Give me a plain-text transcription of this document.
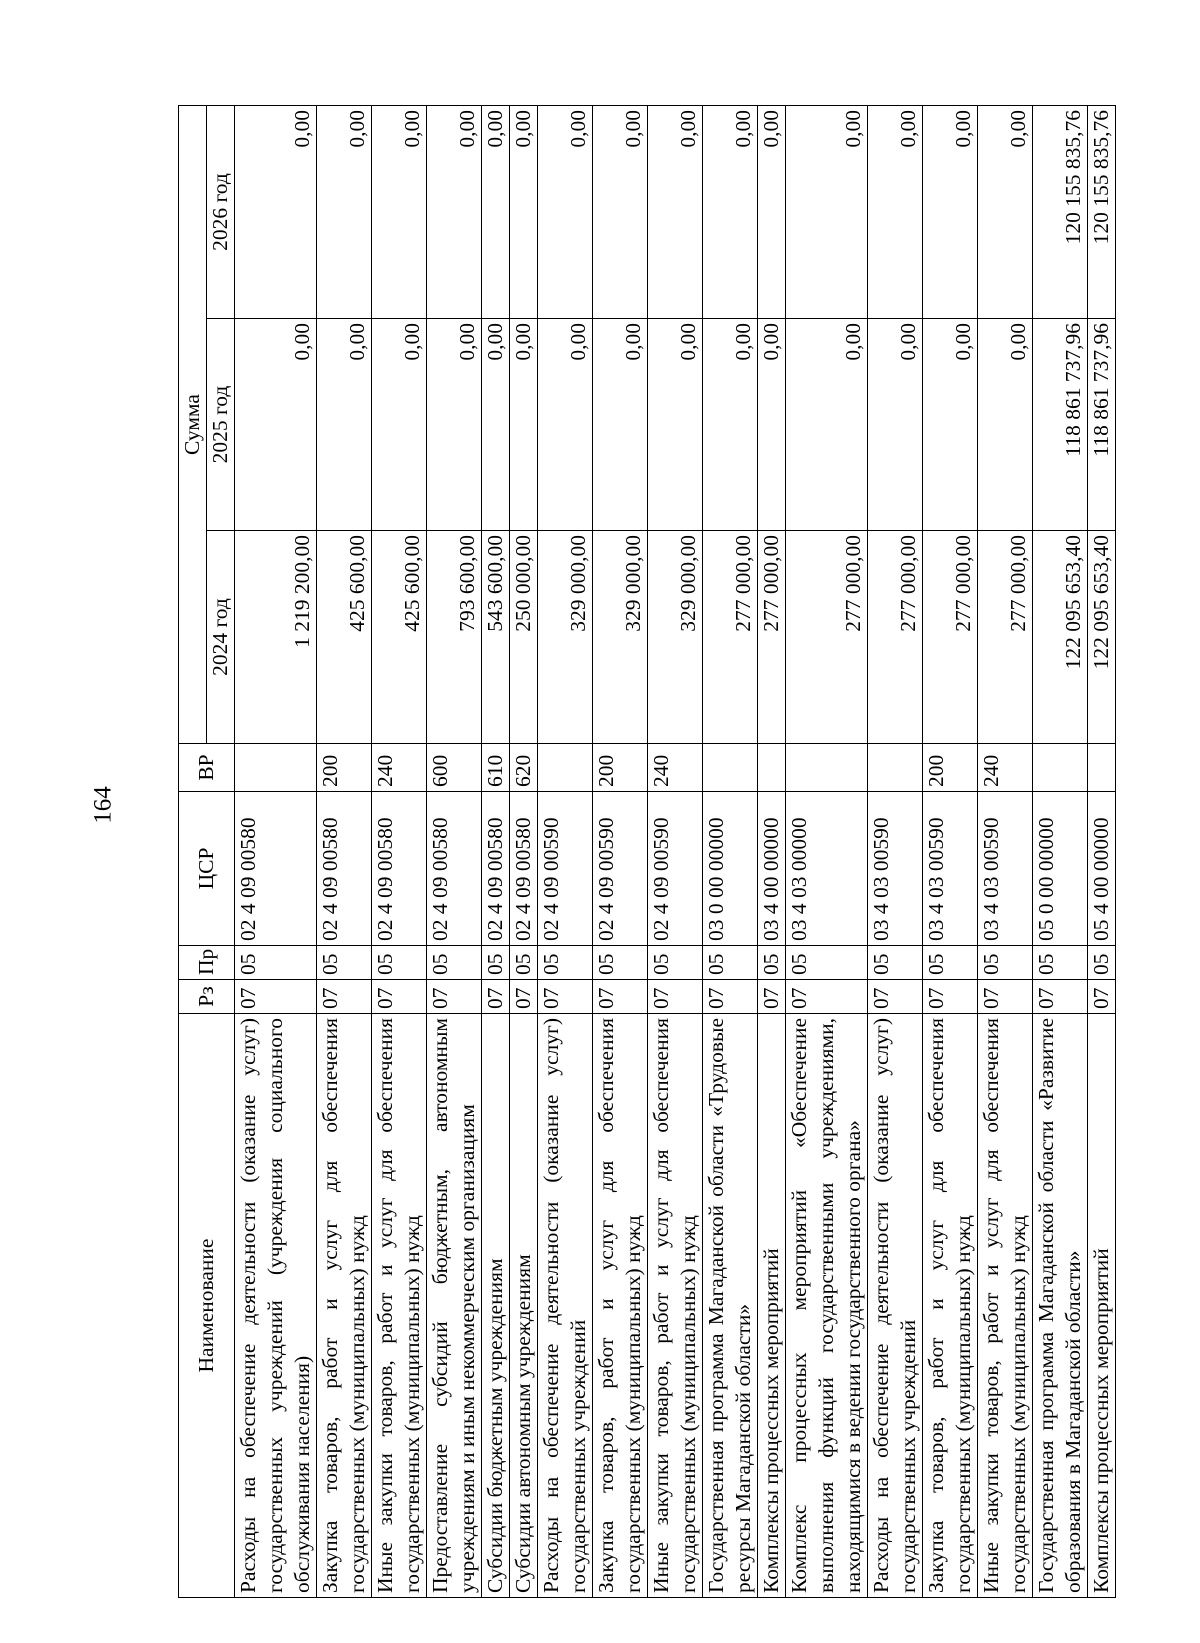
164
Наименование	Рз	Пр	ЦСР	ВР	Сумма		
					2024 год	2025 год	2026 год
Расходы на обеспечение деятельности (оказание услуг) государственных учреждений (учреждения социального обслуживания населения)	07	05	02 4 09 00580		1 219 200,00	0,00	0,00
Закупка товаров, работ и услуг для обеспечения государственных (муниципальных) нужд	07	05	02 4 09 00580	200	425 600,00	0,00	0,00
Иные закупки товаров, работ и услуг для обеспечения государственных (муниципальных) нужд	07	05	02 4 09 00580	240	425 600,00	0,00	0,00
Предоставление субсидий бюджетным, автономным учреждениям и иным некоммерческим организациям	07	05	02 4 09 00580	600	793 600,00	0,00	0,00
Субсидии бюджетным учреждениям	07	05	02 4 09 00580	610	543 600,00	0,00	0,00
Субсидии автономным учреждениям	07	05	02 4 09 00580	620	250 000,00	0,00	0,00
Расходы на обеспечение деятельности (оказание услуг) государственных учреждений	07	05	02 4 09 00590		329 000,00	0,00	0,00
Закупка товаров, работ и услуг для обеспечения государственных (муниципальных) нужд	07	05	02 4 09 00590	200	329 000,00	0,00	0,00
Иные закупки товаров, работ и услуг для обеспечения государственных (муниципальных) нужд	07	05	02 4 09 00590	240	329 000,00	0,00	0,00
Государственная программа Магаданской области «Трудовые ресурсы Магаданской области»	07	05	03 0 00 00000		277 000,00	0,00	0,00
Комплексы процессных мероприятий	07	05	03 4 00 00000		277 000,00	0,00	0,00
Комплекс процессных мероприятий «Обеспечение выполнения функций государственными учреждениями, находящимися в ведении государственного органа»	07	05	03 4 03 00000		277 000,00	0,00	0,00
Расходы на обеспечение деятельности (оказание услуг) государственных учреждений	07	05	03 4 03 00590		277 000,00	0,00	0,00
Закупка товаров, работ и услуг для обеспечения государственных (муниципальных) нужд	07	05	03 4 03 00590	200	277 000,00	0,00	0,00
Иные закупки товаров, работ и услуг для обеспечения государственных (муниципальных) нужд	07	05	03 4 03 00590	240	277 000,00	0,00	0,00
Государственная программа Магаданской области «Развитие образования в Магаданской области»	07	05	05 0 00 00000		122 095 653,40	118 861 737,96	120 155 835,76
Комплексы процессных мероприятий	07	05	05 4 00 00000		122 095 653,40	118 861 737,96	120 155 835,76
